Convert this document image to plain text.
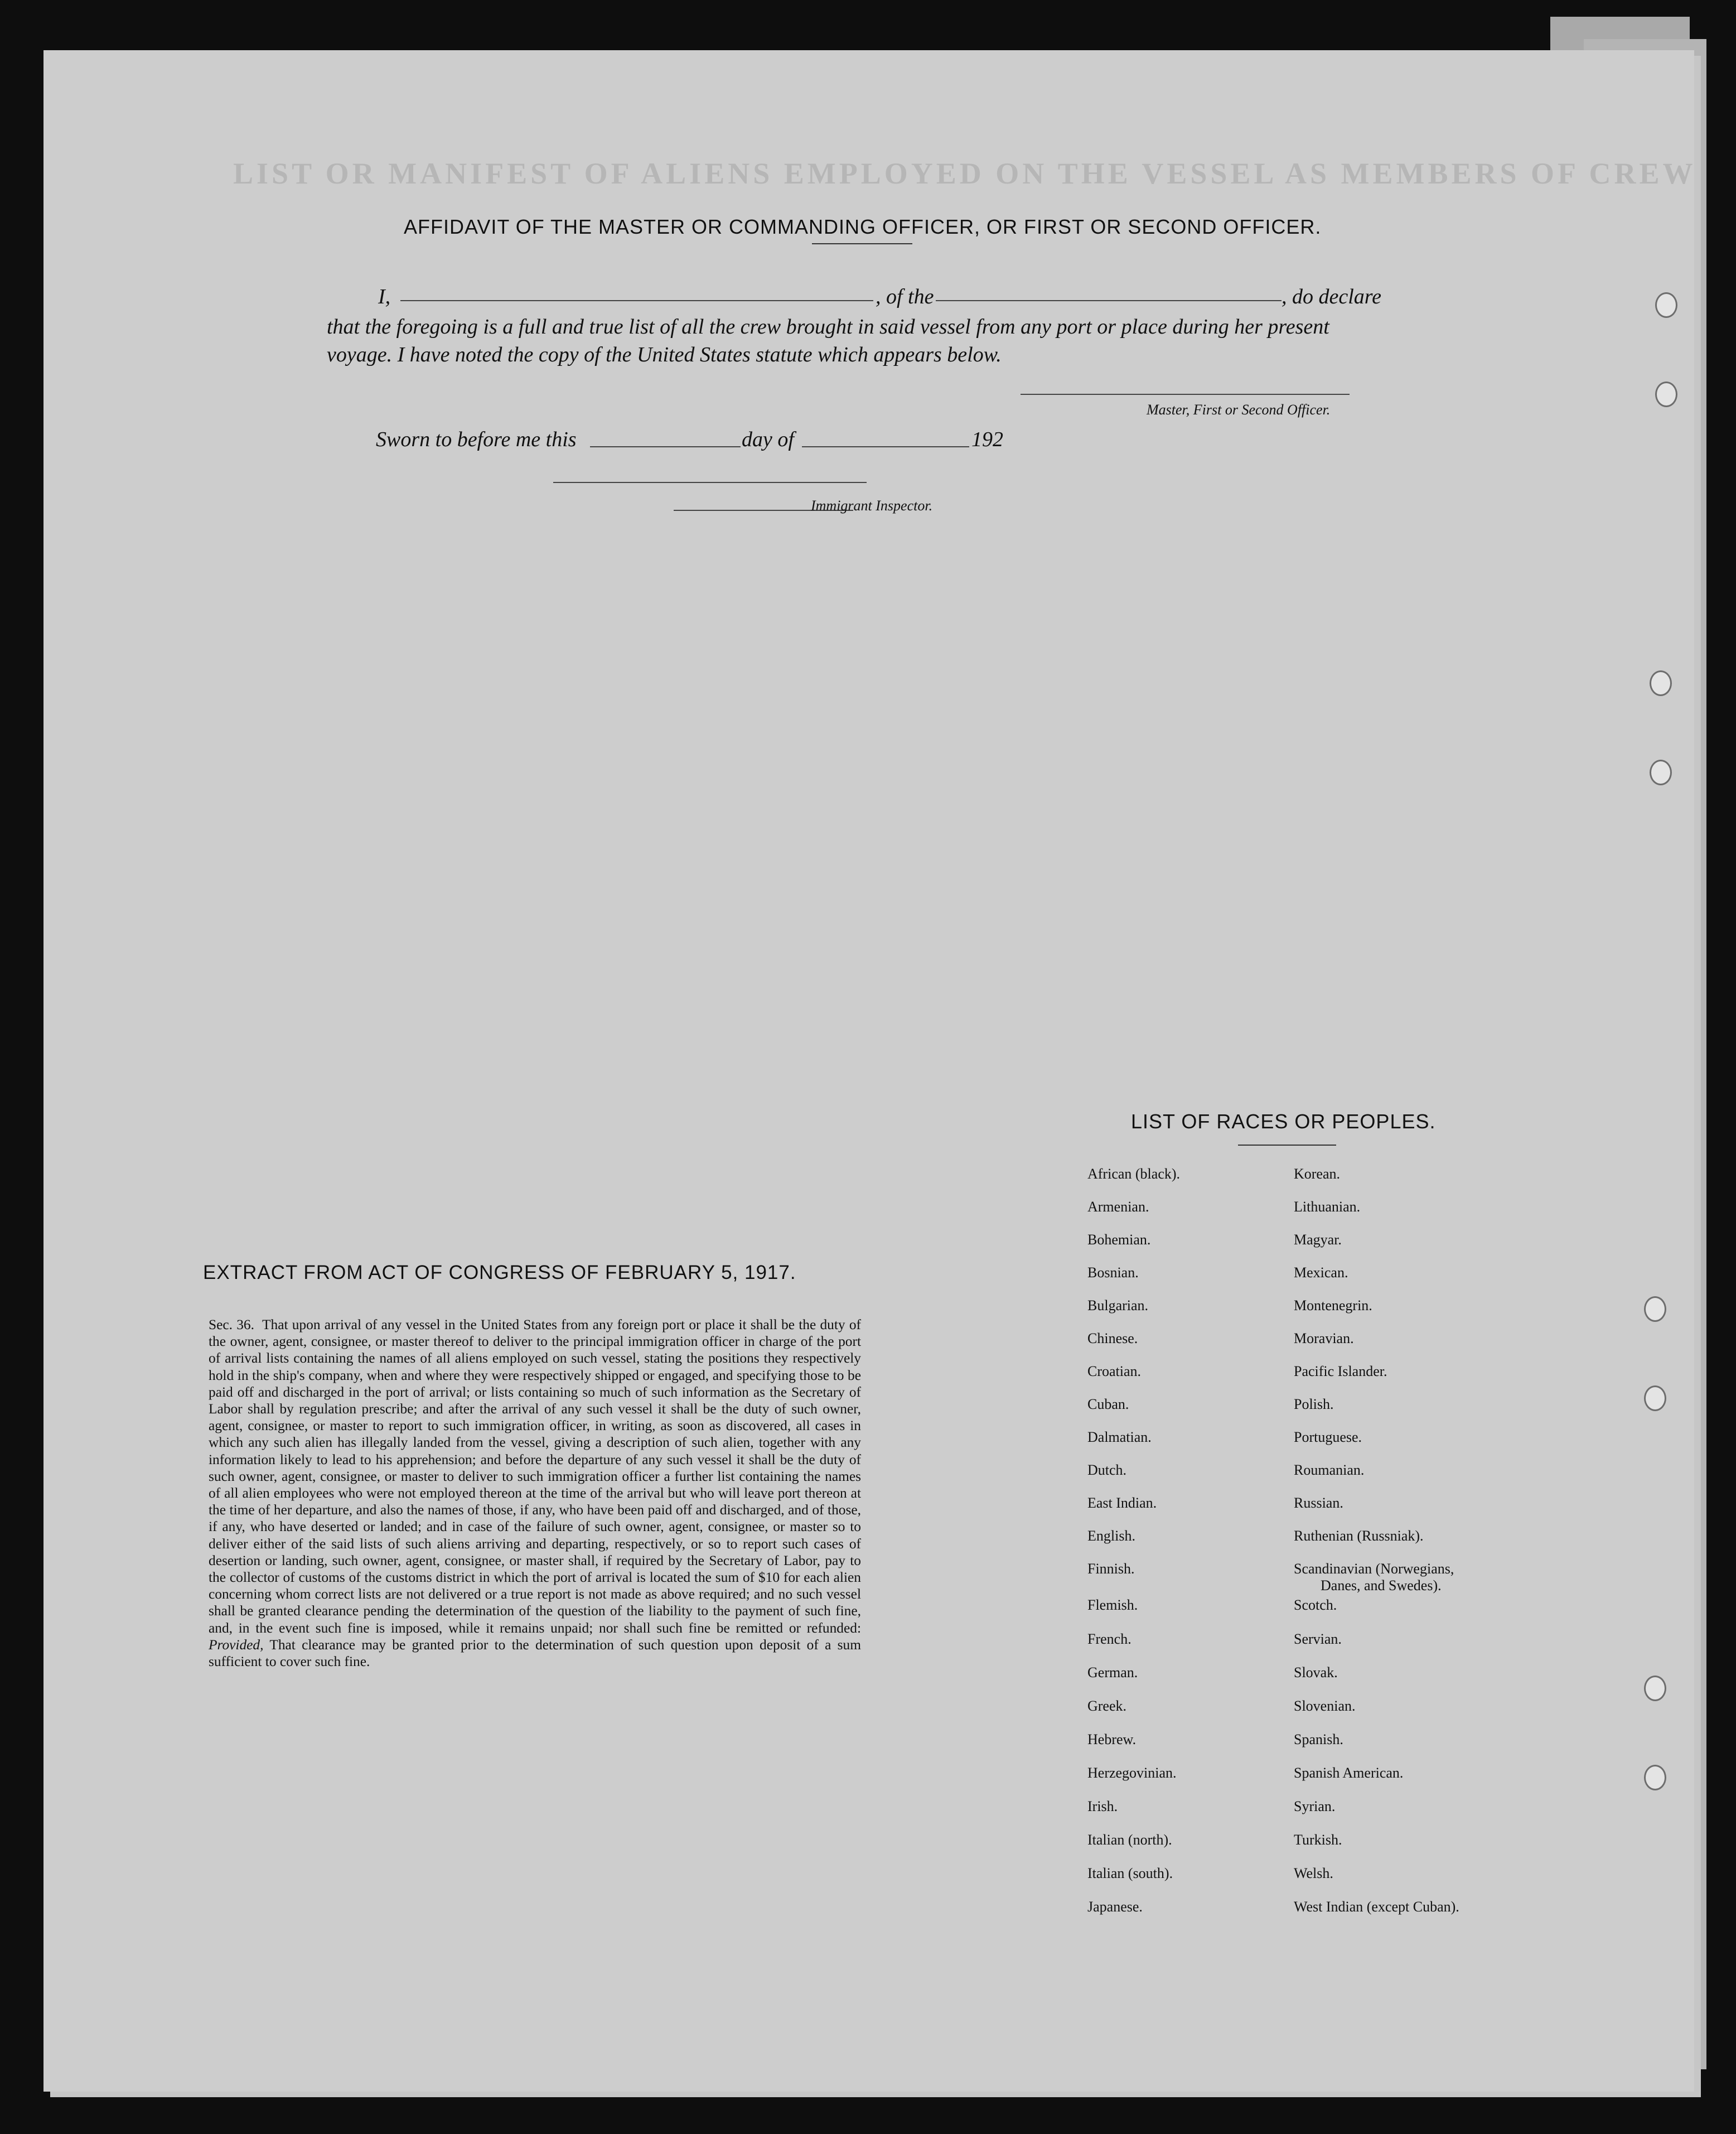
LIST OR MANIFEST OF ALIENS EMPLOYED ON THE VESSEL AS MEMBERS OF CREW
AFFIDAVIT OF THE MASTER OR COMMANDING OFFICER, OR FIRST OR SECOND OFFICER.
I,	, of the	, do declare
that the foregoing is a full and true list of all the crew brought in said vessel from any port or place during her present
voyage. I have noted the copy of the United States statute which appears below.
Master, First or Second Officer.
Sworn to before me this	day of	192
Immigrant Inspector.
EXTRACT FROM ACT OF CONGRESS OF FEBRUARY 5, 1917.
Sec. 36. That upon arrival of any vessel in the United States from any foreign port or place it shall be the duty of the owner, agent, consignee, or master thereof to deliver to the principal immigration officer in charge of the port of arrival lists containing the names of all aliens employed on such vessel, stating the positions they respectively hold in the ship's company, when and where they were respectively shipped or engaged, and specifying those to be paid off and discharged in the port of arrival; or lists containing so much of such information as the Secretary of Labor shall by regulation prescribe; and after the arrival of any such vessel it shall be the duty of such owner, agent, consignee, or master to report to such immigration officer, in writing, as soon as discovered, all cases in which any such alien has illegally landed from the vessel, giving a description of such alien, together with any information likely to lead to his apprehension; and before the departure of any such vessel it shall be the duty of such owner, agent, consignee, or master to deliver to such immigration officer a further list containing the names of all alien employees who were not employed thereon at the time of the arrival but who will leave port thereon at the time of her departure, and also the names of those, if any, who have been paid off and discharged, and of those, if any, who have deserted or landed; and in case of the failure of such owner, agent, consignee, or master so to deliver either of the said lists of such aliens arriving and departing, respectively, or so to report such cases of desertion or landing, such owner, agent, consignee, or master shall, if required by the Secretary of Labor, pay to the collector of customs of the customs district in which the port of arrival is located the sum of $10 for each alien concerning whom correct lists are not delivered or a true report is not made as above required; and no such vessel shall be granted clearance pending the determination of the question of the liability to the payment of such fine, and, in the event such fine is imposed, while it remains unpaid; nor shall such fine be remitted or refunded: Provided, That clearance may be granted prior to the determination of such question upon deposit of a sum sufficient to cover such fine.
LIST OF RACES OR PEOPLES.
African (black).
Armenian.
Bohemian.
Bosnian.
Bulgarian.
Chinese.
Croatian.
Cuban.
Dalmatian.
Dutch.
East Indian.
English.
Finnish.
Flemish.
French.
German.
Greek.
Hebrew.
Herzegovinian.
Irish.
Italian (north).
Italian (south).
Japanese.
Korean.
Lithuanian.
Magyar.
Mexican.
Montenegrin.
Moravian.
Pacific Islander.
Polish.
Portuguese.
Roumanian.
Russian.
Ruthenian (Russniak).
Scandinavian (Norwegians,
Danes, and Swedes).
Scotch.
Servian.
Slovak.
Slovenian.
Spanish.
Spanish American.
Syrian.
Turkish.
Welsh.
West Indian (except Cuban).
